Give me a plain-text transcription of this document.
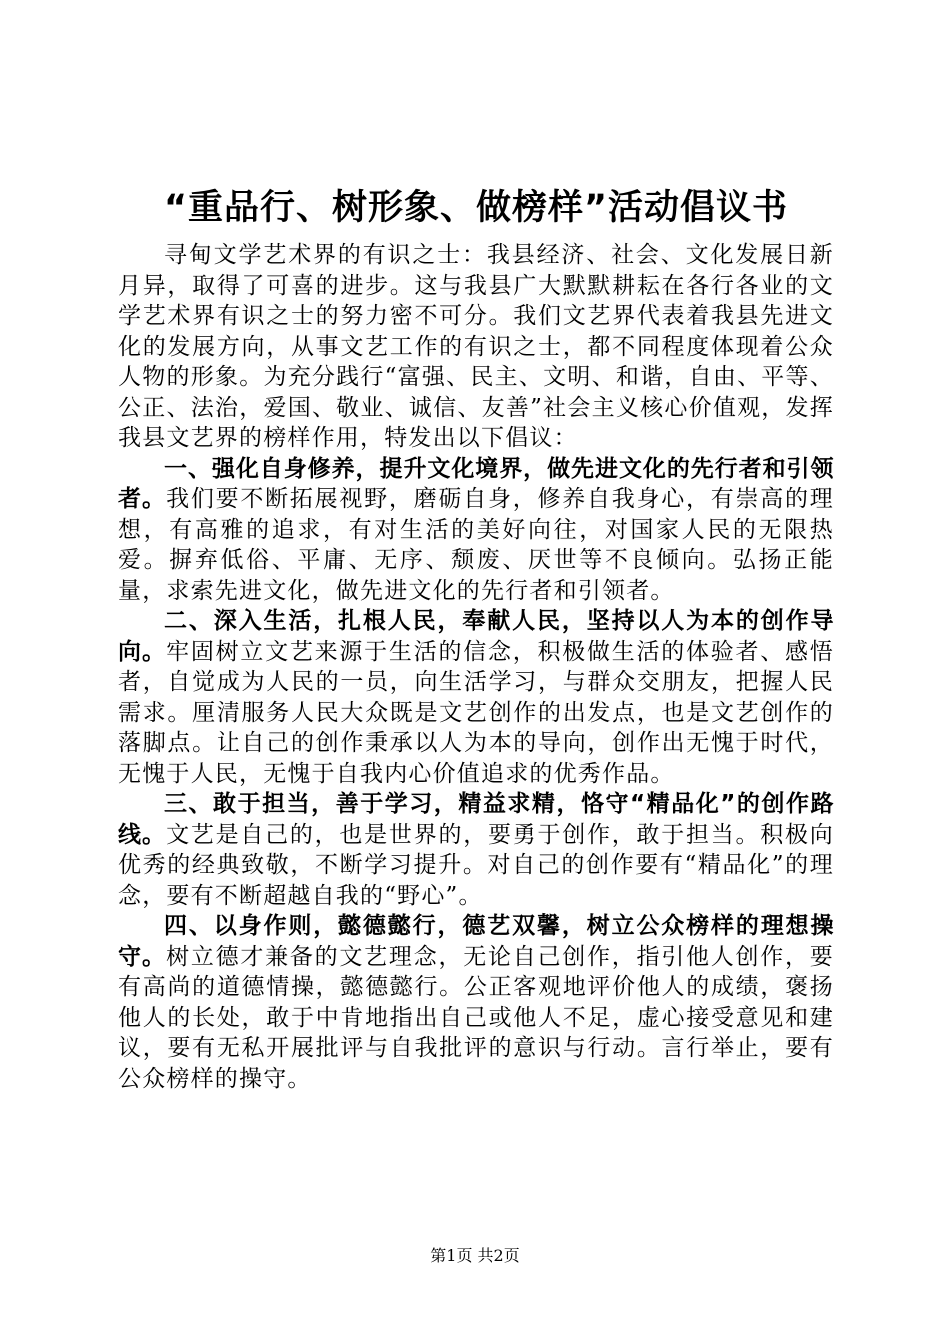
“重品行、树形象、做榜样”活动倡议书

寻甸文学艺术界的有识之士：我县经济、社会、文化发展日新月异，取得了可喜的进步。这与我县广大默默耕耘在各行各业的文学艺术界有识之士的努力密不可分。我们文艺界代表着我县先进文化的发展方向，从事文艺工作的有识之士，都不同程度体现着公众人物的形象。为充分践行“富强、民主、文明、和谐，自由、平等、公正、法治，爱国、敬业、诚信、友善”社会主义核心价值观，发挥我县文艺界的榜样作用，特发出以下倡议：

一、强化自身修养，提升文化境界，做先进文化的先行者和引领者。我们要不断拓展视野，磨砺自身，修养自我身心，有崇高的理想，有高雅的追求，有对生活的美好向往，对国家人民的无限热爱。摒弃低俗、平庸、无序、颓废、厌世等不良倾向。弘扬正能量，求索先进文化，做先进文化的先行者和引领者。

二、深入生活，扎根人民，奉献人民，坚持以人为本的创作导向。牢固树立文艺来源于生活的信念，积极做生活的体验者、感悟者，自觉成为人民的一员，向生活学习，与群众交朋友，把握人民需求。厘清服务人民大众既是文艺创作的出发点，也是文艺创作的落脚点。让自己的创作秉承以人为本的导向，创作出无愧于时代，无愧于人民，无愧于自我内心价值追求的优秀作品。

三、敢于担当，善于学习，精益求精，恪守“精品化”的创作路线。文艺是自己的，也是世界的，要勇于创作，敢于担当。积极向优秀的经典致敬，不断学习提升。对自己的创作要有“精品化”的理念，要有不断超越自我的“野心”。

四、以身作则，懿德懿行，德艺双馨，树立公众榜样的理想操守。树立德才兼备的文艺理念，无论自己创作，指引他人创作，要有高尚的道德情操，懿德懿行。公正客观地评价他人的成绩，褒扬他人的长处，敢于中肯地指出自己或他人不足，虚心接受意见和建议，要有无私开展批评与自我批评的意识与行动。言行举止，要有公众榜样的操守。

第1页 共2页
